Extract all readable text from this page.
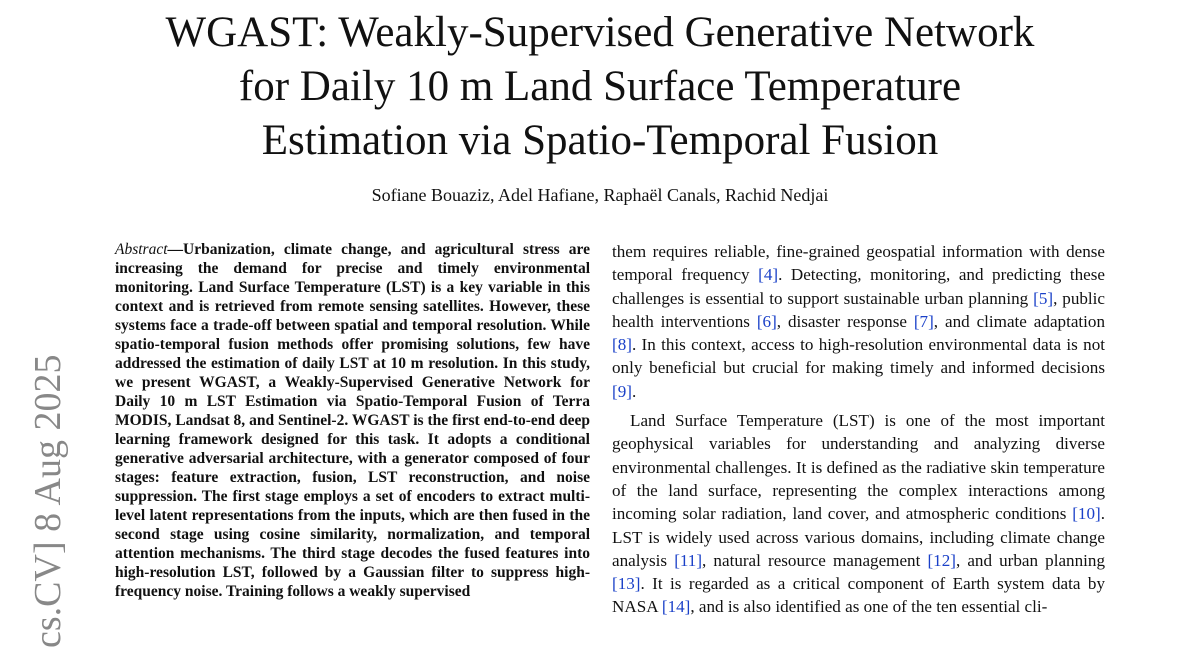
WGAST: Weakly-Supervised Generative Network
for Daily 10 m Land Surface Temperature
Estimation via Spatio-Temporal Fusion

Sofiane Bouaziz, Adel Hafiane, Raphaël Canals, Rachid Nedjai

cs.CV] 8 Aug 2025

Abstract—Urbanization, climate change, and agricultural stress are increasing the demand for precise and timely environmental monitoring. Land Surface Temperature (LST) is a key variable in this context and is retrieved from remote sensing satellites. However, these systems face a trade-off between spatial and temporal resolution. While spatio-temporal fusion methods offer promising solutions, few have addressed the estimation of daily LST at 10 m resolution. In this study, we present WGAST, a Weakly-Supervised Generative Network for Daily 10 m LST Estimation via Spatio-Temporal Fusion of Terra MODIS, Landsat 8, and Sentinel-2. WGAST is the first end-to-end deep learning framework designed for this task. It adopts a conditional generative adversarial architecture, with a generator composed of four stages: feature extraction, fusion, LST reconstruction, and noise suppression. The first stage employs a set of encoders to extract multi-level latent representations from the inputs, which are then fused in the second stage using cosine similarity, normalization, and temporal attention mechanisms. The third stage decodes the fused features into high-resolution LST, followed by a Gaussian filter to suppress high-frequency noise. Training follows a weakly supervised

them requires reliable, fine-grained geospatial information with dense temporal frequency [4]. Detecting, monitoring, and predicting these challenges is essential to support sustainable urban planning [5], public health interventions [6], disaster response [7], and climate adaptation [8]. In this context, access to high-resolution environmental data is not only beneficial but crucial for making timely and informed decisions [9].

Land Surface Temperature (LST) is one of the most important geophysical variables for understanding and analyzing diverse environmental challenges. It is defined as the radiative skin temperature of the land surface, representing the complex interactions among incoming solar radiation, land cover, and atmospheric conditions [10]. LST is widely used across various domains, including climate change analysis [11], natural resource management [12], and urban planning [13]. It is regarded as a critical component of Earth system data by NASA [14], and is also identified as one of the ten essential cli-
